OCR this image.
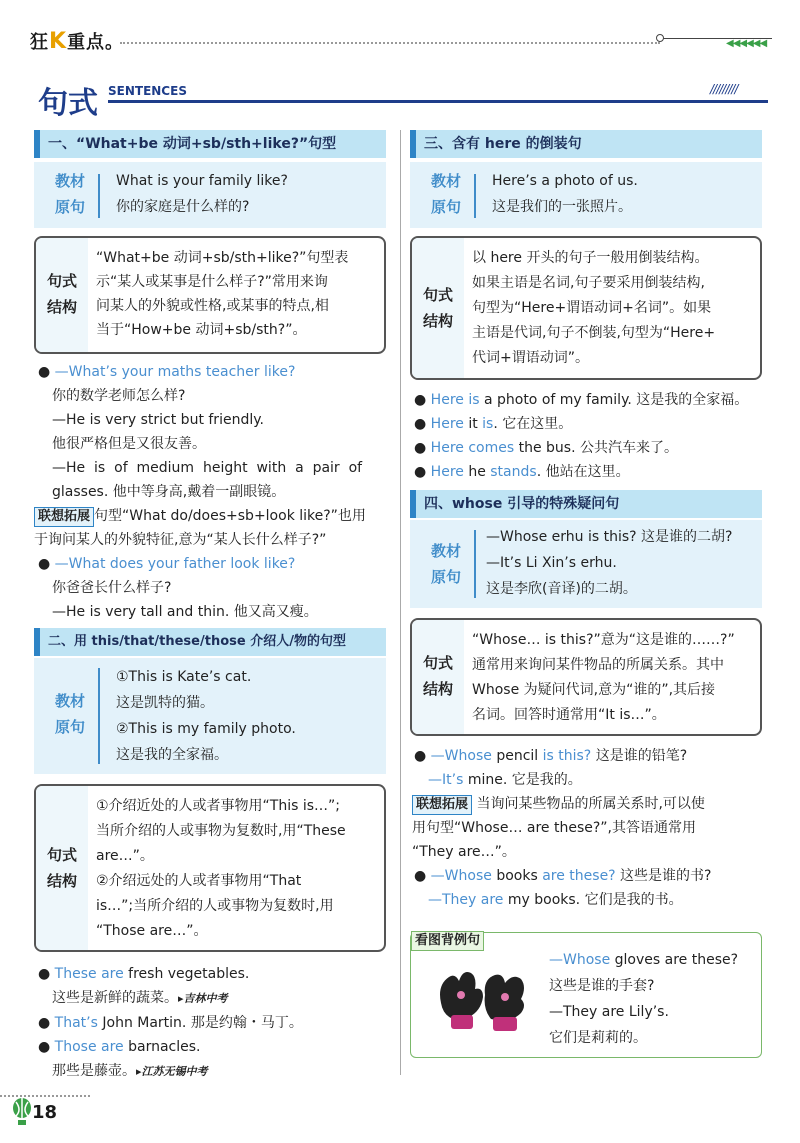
狂K重点。	◀◀◀◀◀◀
句式 SENTENCES	/////////
一、“What+be 动词+sb/sth+like?”句型
教材
原句
What is your family like?
你的家庭是什么样的?
句式
结构
“What+be 动词+sb/sth+like?”句型表
示“某人或某事是什么样子?”常用来询
问某人的外貌或性格,或某事的特点,相
当于“How+be 动词+sb/sth?”。
● —What’s your maths teacher like?
你的数学老师怎么样?
—He is very strict but friendly.
他很严格但是又很友善。
—He  is  of  medium  height  with  a  pair  of
glasses. 他中等身高,戴着一副眼镜。
联想拓展 句型“What do/does+sb+look like?”也用
于询问某人的外貌特征,意为“某人长什么样子?”
● —What does your father look like?
你爸爸长什么样子?
—He is very tall and thin. 他又高又瘦。
二、用 this/that/these/those 介绍人/物的句型
教材
原句
①This is Kate’s cat.
这是凯特的猫。
②This is my family photo.
这是我的全家福。
句式
结构
①介绍近处的人或者事物用“This is…”;
当所介绍的人或事物为复数时,用“These
are…”。
②介绍远处的人或者事物用“That
is…”;当所介绍的人或事物为复数时,用
“Those are…”。
● These are fresh vegetables.
这些是新鲜的蔬菜。▸吉林中考
● That’s John Martin. 那是约翰・马丁。
● Those are barnacles.
那些是藤壶。▸江苏无锡中考
三、含有 here 的倒装句
教材
原句
Here’s a photo of us.
这是我们的一张照片。
句式
结构
以 here 开头的句子一般用倒装结构。
如果主语是名词,句子要采用倒装结构,
句型为“Here+谓语动词+名词”。如果
主语是代词,句子不倒装,句型为“Here+
代词+谓语动词”。
● Here is a photo of my family. 这是我的全家福。
● Here it is. 它在这里。
● Here comes the bus. 公共汽车来了。
● Here he stands. 他站在这里。
四、whose 引导的特殊疑问句
教材
原句
—Whose erhu is this? 这是谁的二胡?
—It’s Li Xin’s erhu.
这是李欣(音译)的二胡。
句式
结构
“Whose… is this?”意为“这是谁的……?”
通常用来询问某件物品的所属关系。其中
Whose 为疑问代词,意为“谁的”,其后接
名词。回答时通常用“It is…”。
● —Whose pencil is this? 这是谁的铅笔?
—It’s mine. 它是我的。
联想拓展 当询问某些物品的所属关系时,可以使
用句型“Whose… are these?”,其答语通常用
“They are…”。
● —Whose books are these? 这些是谁的书?
—They are my books. 它们是我的书。
看图背例句
—Whose gloves are these?
这些是谁的手套?
—They are Lily’s.
它们是莉莉的。
18
